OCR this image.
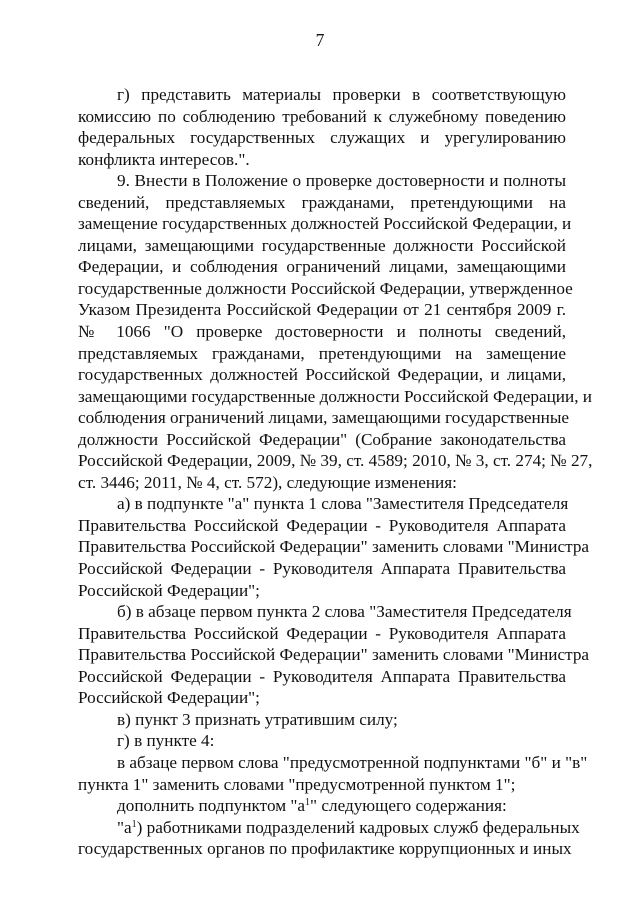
7
г) представить материалы проверки в соответствующую
комиссию по соблюдению требований к служебному поведению
федеральных государственных служащих и урегулированию
конфликта интересов.".
9. Внести в Положение о проверке достоверности и полноты
сведений, представляемых гражданами, претендующими на
замещение государственных должностей Российской Федерации, и
лицами, замещающими государственные должности Российской
Федерации, и соблюдения ограничений лицами, замещающими
государственные должности Российской Федерации, утвержденное
Указом Президента Российской Федерации от 21 сентября 2009 г.
№ 1066 "О проверке достоверности и полноты сведений,
представляемых гражданами, претендующими на замещение
государственных должностей Российской Федерации, и лицами,
замещающими государственные должности Российской Федерации, и
соблюдения ограничений лицами, замещающими государственные
должности Российской Федерации" (Собрание законодательства
Российской Федерации, 2009, № 39, ст. 4589; 2010, № 3, ст. 274; № 27,
ст. 3446; 2011, № 4, ст. 572), следующие изменения:
а) в подпункте "а" пункта 1 слова "Заместителя Председателя
Правительства Российской Федерации - Руководителя Аппарата
Правительства Российской Федерации" заменить словами "Министра
Российской Федерации - Руководителя Аппарата Правительства
Российской Федерации";
б) в абзаце первом пункта 2 слова "Заместителя Председателя
Правительства Российской Федерации - Руководителя Аппарата
Правительства Российской Федерации" заменить словами "Министра
Российской Федерации - Руководителя Аппарата Правительства
Российской Федерации";
в) пункт 3 признать утратившим силу;
г) в пункте 4:
в абзаце первом слова "предусмотренной подпунктами "б" и "в"
пункта 1" заменить словами "предусмотренной пунктом 1";
дополнить подпунктом "$а^1$" следующего содержания:
"$а^1$) работниками подразделений кадровых служб федеральных
государственных органов по профилактике коррупционных и иных
